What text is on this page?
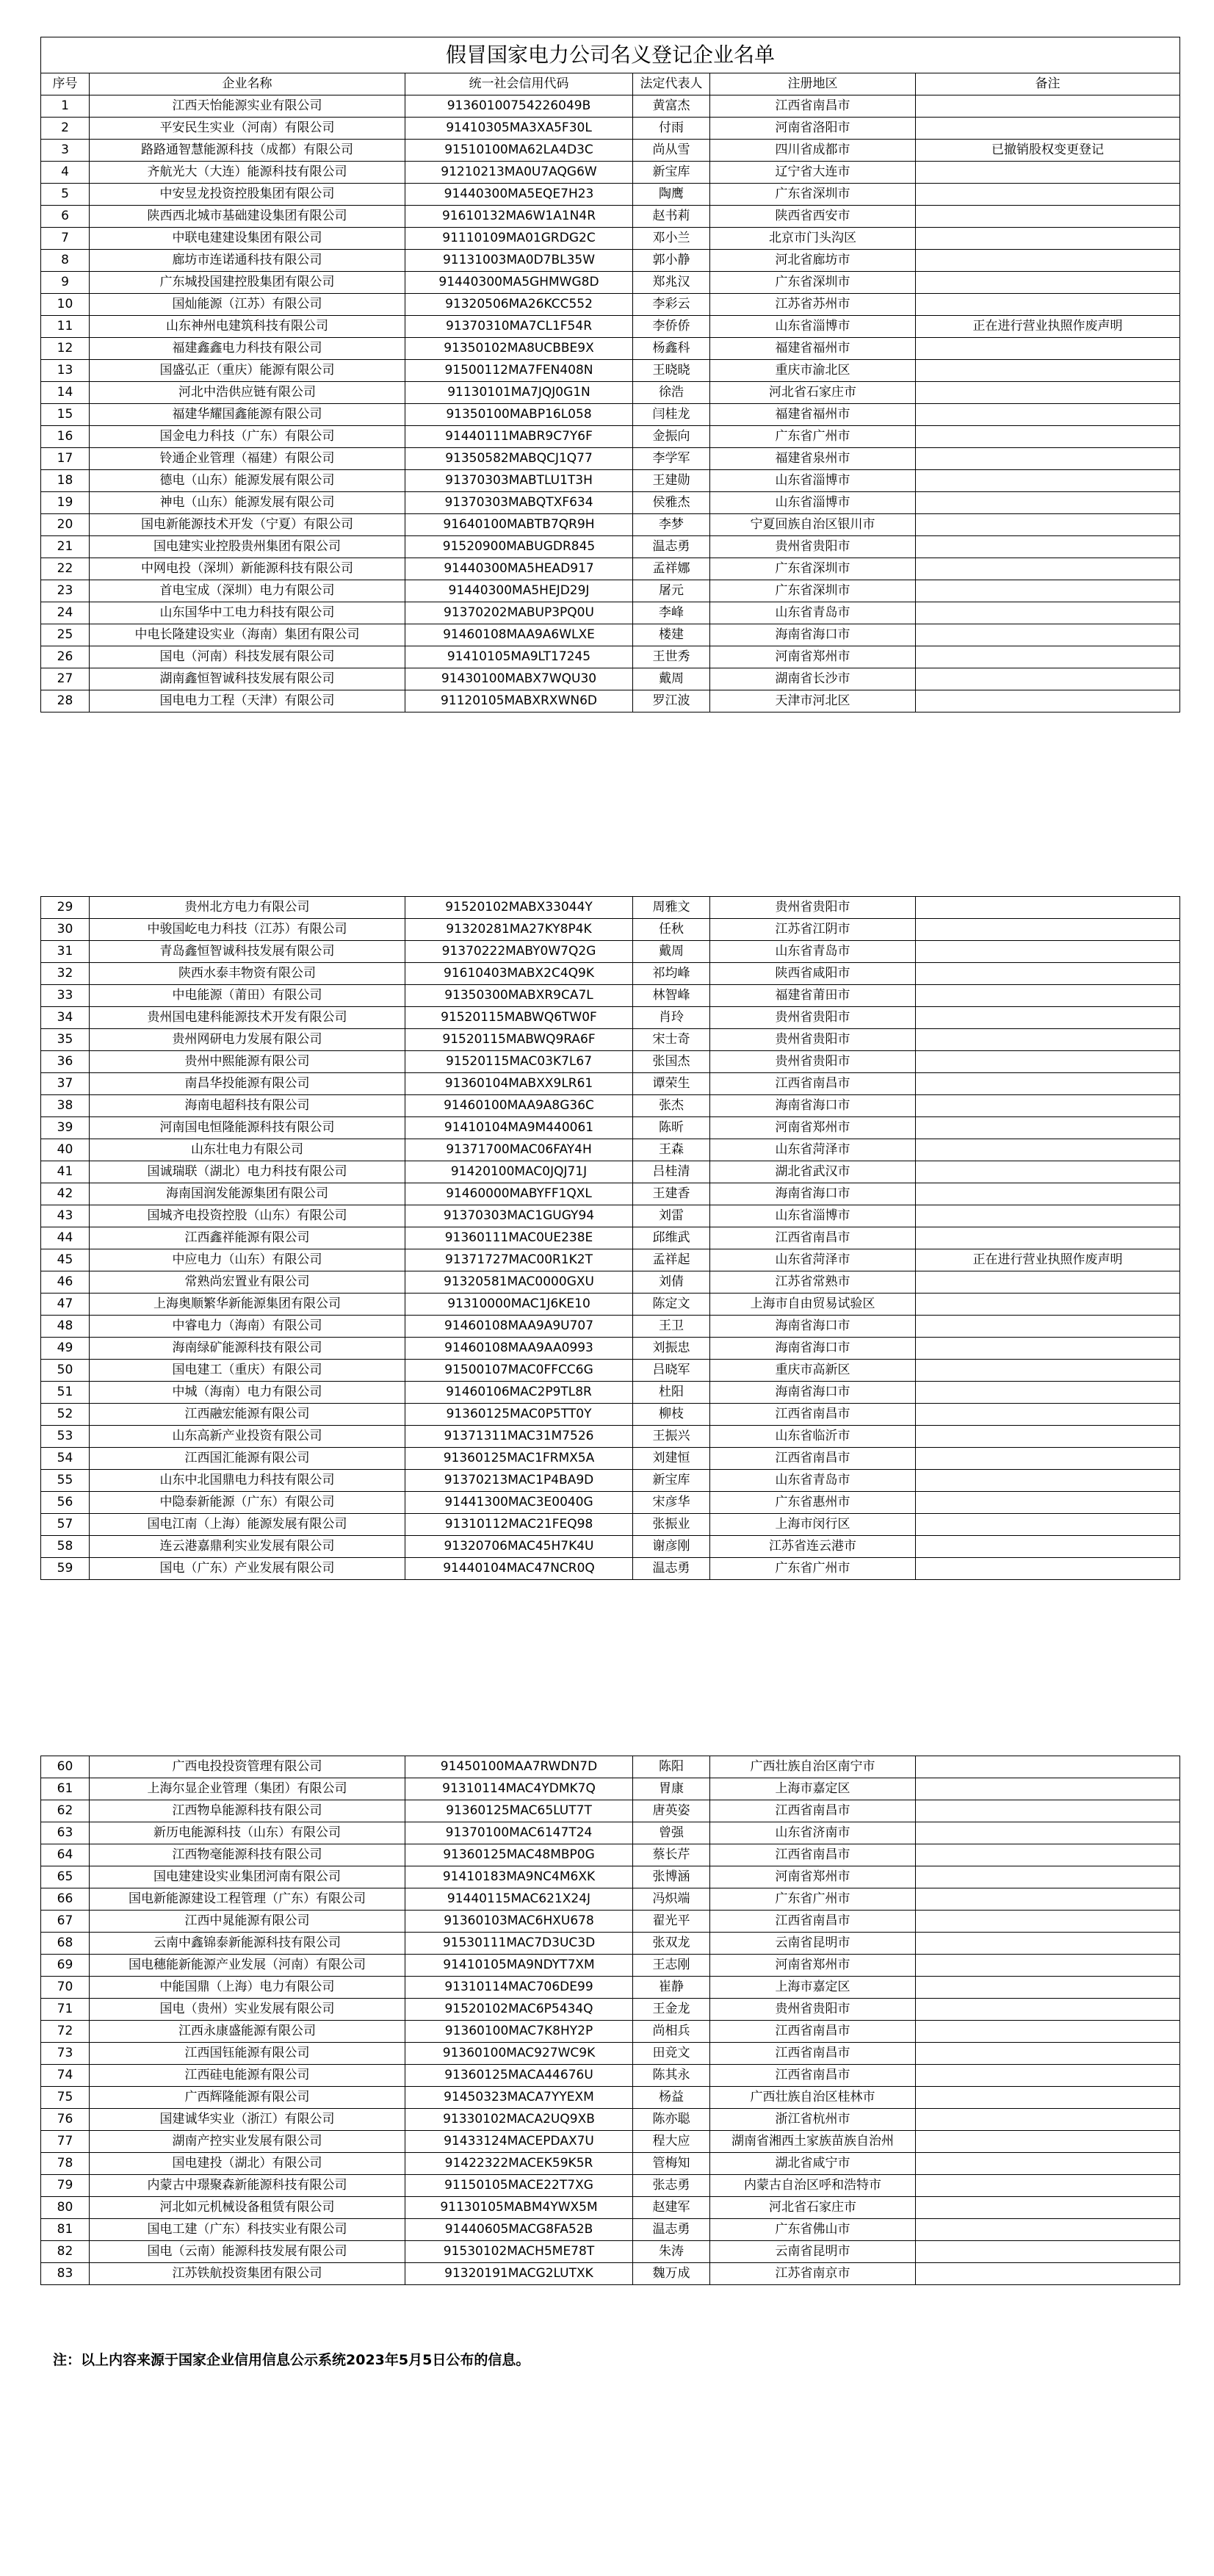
假冒国家电力公司名义登记企业名单					
序号	企业名称	统一社会信用代码	法定代表人	注册地区	备注
1	江西天怡能源实业有限公司	91360100754226049B	黄富杰	江西省南昌市	
2	平安民生实业（河南）有限公司	91410305MA3XA5F30L	付雨	河南省洛阳市	
3	路路通智慧能源科技（成都）有限公司	91510100MA62LA4D3C	尚从雪	四川省成都市	已撤销股权变更登记
4	齐航光大（大连）能源科技有限公司	91210213MA0U7AQG6W	新宝库	辽宁省大连市	
5	中安昱龙投资控股集团有限公司	91440300MA5EQE7H23	陶鹰	广东省深圳市	
6	陕西西北城市基础建设集团有限公司	91610132MA6W1A1N4R	赵书莉	陕西省西安市	
7	中联电建建设集团有限公司	91110109MA01GRDG2C	邓小兰	北京市门头沟区	
8	廊坊市连诺通科技有限公司	91131003MA0D7BL35W	郭小静	河北省廊坊市	
9	广东城投国建控股集团有限公司	91440300MA5GHMWG8D	郑兆汉	广东省深圳市	
10	国灿能源（江苏）有限公司	91320506MA26KCC552	李彩云	江苏省苏州市	
11	山东神州电建筑科技有限公司	91370310MA7CL1F54R	李侨侨	山东省淄博市	正在进行营业执照作废声明
12	福建鑫鑫电力科技有限公司	91350102MA8UCBBE9X	杨鑫科	福建省福州市	
13	国盛弘正（重庆）能源有限公司	91500112MA7FEN408N	王晓晓	重庆市渝北区	
14	河北中浩供应链有限公司	91130101MA7JQJ0G1N	徐浩	河北省石家庄市	
15	福建华耀国鑫能源有限公司	91350100MABP16L058	闫桂龙	福建省福州市	
16	国金电力科技（广东）有限公司	91440111MABR9C7Y6F	金振向	广东省广州市	
17	铃通企业管理（福建）有限公司	91350582MABQCJ1Q77	李学军	福建省泉州市	
18	德电（山东）能源发展有限公司	91370303MABTLU1T3H	王建勋	山东省淄博市	
19	神电（山东）能源发展有限公司	91370303MABQTXF634	侯雅杰	山东省淄博市	
20	国电新能源技术开发（宁夏）有限公司	91640100MABTB7QR9H	李梦	宁夏回族自治区银川市	
21	国电建实业控股贵州集团有限公司	91520900MABUGDR845	温志勇	贵州省贵阳市	
22	中网电投（深圳）新能源科技有限公司	91440300MA5HEAD917	孟祥娜	广东省深圳市	
23	首电宝成（深圳）电力有限公司	91440300MA5HEJD29J	屠元	广东省深圳市	
24	山东国华中工电力科技有限公司	91370202MABUP3PQ0U	李峰	山东省青岛市	
25	中电长隆建设实业（海南）集团有限公司	91460108MAA9A6WLXE	楼建	海南省海口市	
26	国电（河南）科技发展有限公司	91410105MA9LT17245	王世秀	河南省郑州市	
27	湖南鑫恒智诚科技发展有限公司	91430100MABX7WQU30	戴周	湖南省长沙市	
28	国电电力工程（天津）有限公司	91120105MABXRXWN6D	罗江波	天津市河北区	
29	贵州北方电力有限公司	91520102MABX33044Y	周雅文	贵州省贵阳市	
30	中骏国屹电力科技（江苏）有限公司	91320281MA27KY8P4K	任秋	江苏省江阴市	
31	青岛鑫恒智诚科技发展有限公司	91370222MABY0W7Q2G	戴周	山东省青岛市	
32	陕西水泰丰物资有限公司	91610403MABX2C4Q9K	祁均峰	陕西省咸阳市	
33	中电能源（莆田）有限公司	91350300MABXR9CA7L	林智峰	福建省莆田市	
34	贵州国电建科能源技术开发有限公司	91520115MABWQ6TW0F	肖玲	贵州省贵阳市	
35	贵州网研电力发展有限公司	91520115MABWQ9RA6F	宋士奇	贵州省贵阳市	
36	贵州中熙能源有限公司	91520115MAC03K7L67	张国杰	贵州省贵阳市	
37	南昌华投能源有限公司	91360104MABXX9LR61	谭荣生	江西省南昌市	
38	海南电超科技有限公司	91460100MAA9A8G36C	张杰	海南省海口市	
39	河南国电恒隆能源科技有限公司	91410104MA9M440061	陈昕	河南省郑州市	
40	山东壮电力有限公司	91371700MAC06FAY4H	王森	山东省菏泽市	
41	国诚瑞联（湖北）电力科技有限公司	91420100MAC0JQJ71J	吕桂清	湖北省武汉市	
42	海南国润发能源集团有限公司	91460000MABYFF1QXL	王建香	海南省海口市	
43	国城齐电投资控股（山东）有限公司	91370303MAC1GUGY94	刘雷	山东省淄博市	
44	江西鑫祥能源有限公司	91360111MAC0UE238E	邱维武	江西省南昌市	
45	中应电力（山东）有限公司	91371727MAC00R1K2T	孟祥起	山东省菏泽市	正在进行营业执照作废声明
46	常熟尚宏置业有限公司	91320581MAC0000GXU	刘倩	江苏省常熟市	
47	上海奥顺繁华新能源集团有限公司	91310000MAC1J6KE10	陈定文	上海市自由贸易试验区	
48	中睿电力（海南）有限公司	91460108MAA9A9U707	王卫	海南省海口市	
49	海南绿矿能源科技有限公司	91460108MAA9AA0993	刘振忠	海南省海口市	
50	国电建工（重庆）有限公司	91500107MAC0FFCC6G	吕晓军	重庆市高新区	
51	中城（海南）电力有限公司	91460106MAC2P9TL8R	杜阳	海南省海口市	
52	江西融宏能源有限公司	91360125MAC0P5TT0Y	柳枝	江西省南昌市	
53	山东高新产业投资有限公司	91371311MAC31M7526	王振兴	山东省临沂市	
54	江西国汇能源有限公司	91360125MAC1FRMX5A	刘建恒	江西省南昌市	
55	山东中北国鼎电力科技有限公司	91370213MAC1P4BA9D	新宝库	山东省青岛市	
56	中隐泰新能源（广东）有限公司	91441300MAC3E0040G	宋彦华	广东省惠州市	
57	国电江南（上海）能源发展有限公司	91310112MAC21FEQ98	张振业	上海市闵行区	
58	连云港嘉鼎利实业发展有限公司	91320706MAC45H7K4U	谢彦刚	江苏省连云港市	
59	国电（广东）产业发展有限公司	91440104MAC47NCR0Q	温志勇	广东省广州市	
60	广西电投投资管理有限公司	91450100MAA7RWDN7D	陈阳	广西壮族自治区南宁市	
61	上海尔显企业管理（集团）有限公司	91310114MAC4YDMK7Q	胃康	上海市嘉定区	
62	江西物阜能源科技有限公司	91360125MAC65LUT7T	唐英姿	江西省南昌市	
63	新历电能源科技（山东）有限公司	91370100MAC6147T24	曾强	山东省济南市	
64	江西物毫能源科技有限公司	91360125MAC48MBP0G	蔡长芹	江西省南昌市	
65	国电建建设实业集团河南有限公司	91410183MA9NC4M6XK	张博涵	河南省郑州市	
66	国电新能源建设工程管理（广东）有限公司	91440115MAC621X24J	冯炽端	广东省广州市	
67	江西中晁能源有限公司	91360103MAC6HXU678	翟光平	江西省南昌市	
68	云南中鑫锦泰新能源科技有限公司	91530111MAC7D3UC3D	张双龙	云南省昆明市	
69	国电穗能新能源产业发展（河南）有限公司	91410105MA9NDYT7XM	王志刚	河南省郑州市	
70	中能国鼎（上海）电力有限公司	91310114MAC706DE99	崔静	上海市嘉定区	
71	国电（贵州）实业发展有限公司	91520102MAC6P5434Q	王金龙	贵州省贵阳市	
72	江西永康盛能源有限公司	91360100MAC7K8HY2P	尚相兵	江西省南昌市	
73	江西国钰能源有限公司	91360100MAC927WC9K	田竞文	江西省南昌市	
74	江西硅电能源有限公司	91360125MACA44676U	陈其永	江西省南昌市	
75	广西辉隆能源有限公司	91450323MACA7YYEXM	杨益	广西壮族自治区桂林市	
76	国建诚华实业（浙江）有限公司	91330102MACA2UQ9XB	陈亦聪	浙江省杭州市	
77	湖南产控实业发展有限公司	91433124MACEPDAX7U	程大应	湖南省湘西土家族苗族自治州	
78	国电建投（湖北）有限公司	91422322MACEK59K5R	管梅知	湖北省咸宁市	
79	内蒙古中璟聚森新能源科技有限公司	91150105MACE22T7XG	张志勇	内蒙古自治区呼和浩特市	
80	河北如元机械设备租赁有限公司	91130105MABM4YWX5M	赵建军	河北省石家庄市	
81	国电工建（广东）科技实业有限公司	91440605MACG8FA52B	温志勇	广东省佛山市	
82	国电（云南）能源科技发展有限公司	91530102MACH5ME78T	朱涛	云南省昆明市	
83	江苏铁航投资集团有限公司	91320191MACG2LUTXK	魏万成	江苏省南京市	
注：以上内容来源于国家企业信用信息公示系统2023年5月5日公布的信息。
